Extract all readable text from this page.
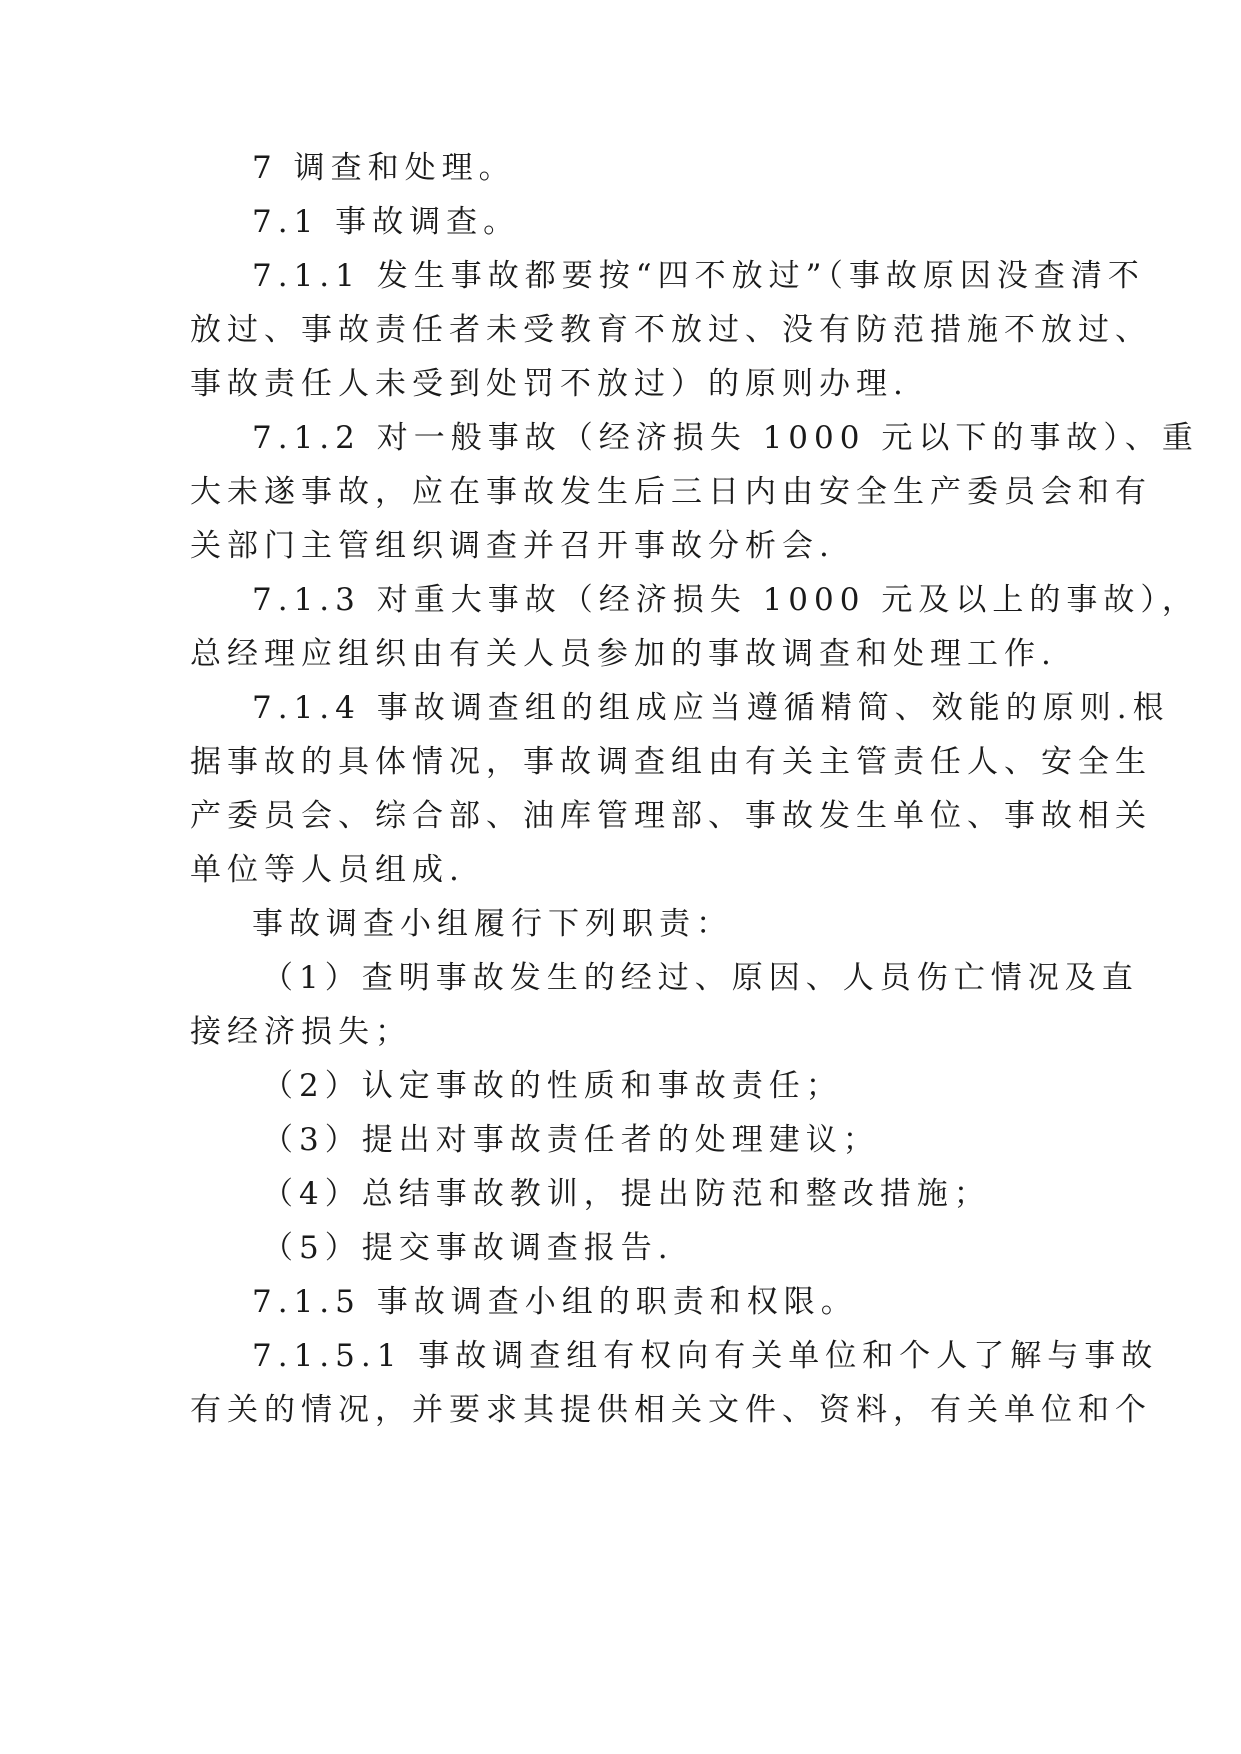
7 调查和处理。
7.1 事故调查。
7.1.1 发生事故都要按“四不放过”（事故原因没查清不
放过、事故责任者未受教育不放过、没有防范措施不放过、
事故责任人未受到处罚不放过）的原则办理.
7.1.2 对一般事故（经济损失 1000 元以下的事故）、重
大未遂事故，应在事故发生后三日内由安全生产委员会和有
关部门主管组织调查并召开事故分析会.
7.1.3 对重大事故（经济损失 1000 元及以上的事故），
总经理应组织由有关人员参加的事故调查和处理工作.
7.1.4 事故调查组的组成应当遵循精简、效能的原则.根
据事故的具体情况，事故调查组由有关主管责任人、安全生
产委员会、综合部、油库管理部、事故发生单位、事故相关
单位等人员组成.
事故调查小组履行下列职责：
（1）查明事故发生的经过、原因、人员伤亡情况及直
接经济损失；
（2）认定事故的性质和事故责任；
（3）提出对事故责任者的处理建议；
（4）总结事故教训，提出防范和整改措施；
（5）提交事故调查报告.
7.1.5 事故调查小组的职责和权限。
7.1.5.1 事故调查组有权向有关单位和个人了解与事故
有关的情况，并要求其提供相关文件、资料，有关单位和个
